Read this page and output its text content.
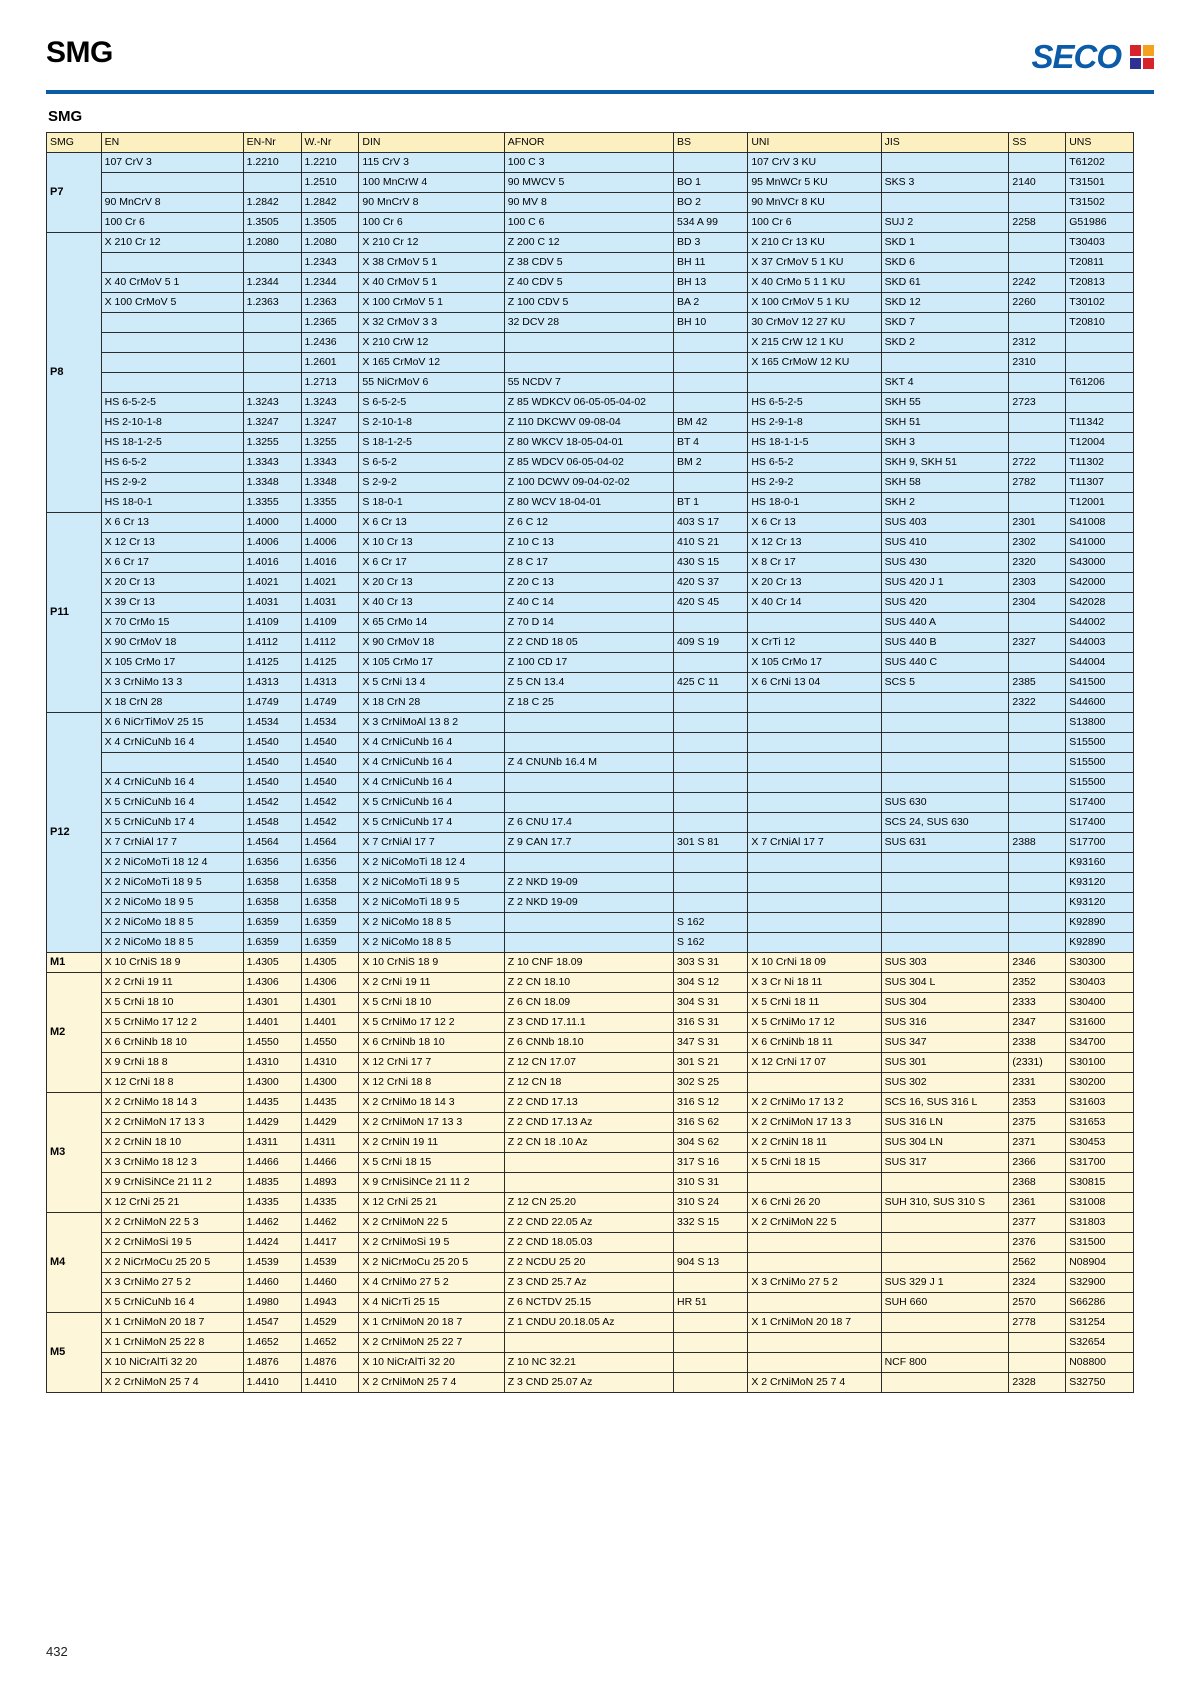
SMG	SECO
SMG
SMG	EN	EN-Nr	W.-Nr	DIN	AFNOR	BS	UNI	JIS	SS	UNS
P7	107 CrV 3	1.2210	1.2210	115 CrV 3	100 C 3		107 CrV 3 KU			T61202
			1.2510	100 MnCrW 4	90 MWCV 5	BO 1	95 MnWCr 5 KU	SKS 3	2140	T31501
	90 MnCrV 8	1.2842	1.2842	90 MnCrV 8	90 MV 8	BO 2	90 MnVCr 8 KU			T31502
	100 Cr 6	1.3505	1.3505	100 Cr 6	100 C 6	534 A 99	100 Cr 6	SUJ 2	2258	G51986
P8	X 210 Cr 12	1.2080	1.2080	X 210 Cr 12	Z 200 C 12	BD 3	X 210 Cr 13 KU	SKD 1		T30403
			1.2343	X 38 CrMoV 5 1	Z 38 CDV 5	BH 11	X 37 CrMoV 5 1 KU	SKD 6		T20811
	X 40 CrMoV 5 1	1.2344	1.2344	X 40 CrMoV 5 1	Z 40 CDV 5	BH 13	X 40 CrMo 5 1 1 KU	SKD 61	2242	T20813
	X 100 CrMoV 5	1.2363	1.2363	X 100 CrMoV 5 1	Z 100 CDV 5	BA 2	X 100 CrMoV 5 1 KU	SKD 12	2260	T30102
			1.2365	X 32 CrMoV 3 3	32 DCV 28	BH 10	30 CrMoV 12 27 KU	SKD 7		T20810
			1.2436	X 210 CrW 12			X 215 CrW 12 1 KU	SKD 2	2312	
			1.2601	X 165 CrMoV 12			X 165 CrMoW 12 KU		2310	
			1.2713	55 NiCrMoV 6	55 NCDV 7			SKT 4		T61206
	HS 6-5-2-5	1.3243	1.3243	S 6-5-2-5	Z 85 WDKCV 06-05-05-04-02		HS 6-5-2-5	SKH 55	2723	
	HS 2-10-1-8	1.3247	1.3247	S 2-10-1-8	Z 110 DKCWV 09-08-04	BM 42	HS 2-9-1-8	SKH 51		T11342
	HS 18-1-2-5	1.3255	1.3255	S 18-1-2-5	Z 80 WKCV 18-05-04-01	BT 4	HS 18-1-1-5	SKH 3		T12004
	HS 6-5-2	1.3343	1.3343	S 6-5-2	Z 85 WDCV 06-05-04-02	BM 2	HS 6-5-2	SKH 9, SKH 51	2722	T11302
	HS 2-9-2	1.3348	1.3348	S 2-9-2	Z 100 DCWV 09-04-02-02		HS 2-9-2	SKH 58	2782	T11307
	HS 18-0-1	1.3355	1.3355	S 18-0-1	Z 80 WCV 18-04-01	BT 1	HS 18-0-1	SKH 2		T12001
P11	X 6 Cr 13	1.4000	1.4000	X 6 Cr 13	Z 6 C 12	403 S 17	X 6 Cr 13	SUS 403	2301	S41008
	X 12 Cr 13	1.4006	1.4006	X 10 Cr 13	Z 10 C 13	410 S 21	X 12 Cr 13	SUS 410	2302	S41000
	X 6 Cr 17	1.4016	1.4016	X 6 Cr 17	Z 8 C 17	430 S 15	X 8 Cr 17	SUS 430	2320	S43000
	X 20 Cr 13	1.4021	1.4021	X 20 Cr 13	Z 20 C 13	420 S 37	X 20 Cr 13	SUS 420 J 1	2303	S42000
	X 39 Cr 13	1.4031	1.4031	X 40 Cr 13	Z 40 C 14	420 S 45	X 40 Cr 14	SUS 420	2304	S42028
	X 70 CrMo 15	1.4109	1.4109	X 65 CrMo 14	Z 70 D 14			SUS 440 A		S44002
	X 90 CrMoV 18	1.4112	1.4112	X 90 CrMoV 18	Z 2 CND 18 05	409 S 19	X CrTi 12	SUS 440 B	2327	S44003
	X 105 CrMo 17	1.4125	1.4125	X 105 CrMo 17	Z 100 CD 17		X 105 CrMo 17	SUS 440 C		S44004
	X 3 CrNiMo 13 3	1.4313	1.4313	X 5 CrNi 13 4	Z 5 CN 13.4	425 C 11	X 6 CrNi 13 04	SCS 5	2385	S41500
	X 18 CrN 28	1.4749	1.4749	X 18 CrN 28	Z 18 C 25				2322	S44600
P12	X 6 NiCrTiMoV 25 15	1.4534	1.4534	X 3 CrNiMoAl 13 8 2						S13800
	X 4 CrNiCuNb 16 4	1.4540	1.4540	X 4 CrNiCuNb 16 4						S15500
		1.4540	1.4540	X 4 CrNiCuNb 16 4	Z 4 CNUNb 16.4 M					S15500
	X 4 CrNiCuNb 16 4	1.4540	1.4540	X 4 CrNiCuNb 16 4						S15500
	X 5 CrNiCuNb 16 4	1.4542	1.4542	X 5 CrNiCuNb 16 4				SUS 630		S17400
	X 5 CrNiCuNb 17 4	1.4548	1.4542	X 5 CrNiCuNb 17 4	Z 6 CNU 17.4			SCS 24, SUS 630		S17400
	X 7 CrNiAl 17 7	1.4564	1.4564	X 7 CrNiAl 17 7	Z 9 CAN 17.7	301 S 81	X 7 CrNiAl 17 7	SUS 631	2388	S17700
	X 2 NiCoMoTi 18 12 4	1.6356	1.6356	X 2 NiCoMoTi 18 12 4						K93160
	X 2 NiCoMoTi 18 9 5	1.6358	1.6358	X 2 NiCoMoTi 18 9 5	Z 2 NKD 19-09					K93120
	X 2 NiCoMo 18 9 5	1.6358	1.6358	X 2 NiCoMoTi 18 9 5	Z 2 NKD 19-09					K93120
	X 2 NiCoMo 18 8 5	1.6359	1.6359	X 2 NiCoMo 18 8 5		S 162				K92890
	X 2 NiCoMo 18 8 5	1.6359	1.6359	X 2 NiCoMo 18 8 5		S 162				K92890
M1	X 10 CrNiS 18 9	1.4305	1.4305	X 10 CrNiS 18 9	Z 10 CNF 18.09	303 S 31	X 10 CrNi 18 09	SUS 303	2346	S30300
M2	X 2 CrNi 19 11	1.4306	1.4306	X 2 CrNi 19 11	Z 2 CN 18.10	304 S 12	X 3 Cr Ni 18 11	SUS 304 L	2352	S30403
	X 5 CrNi 18 10	1.4301	1.4301	X 5 CrNi 18 10	Z 6 CN 18.09	304 S 31	X 5 CrNi 18 11	SUS 304	2333	S30400
	X 5 CrNiMo 17 12 2	1.4401	1.4401	X 5 CrNiMo 17 12 2	Z 3 CND 17.11.1	316 S 31	X 5 CrNiMo 17 12	SUS 316	2347	S31600
	X 6 CrNiNb 18 10	1.4550	1.4550	X 6 CrNiNb 18 10	Z 6 CNNb 18.10	347 S 31	X 6 CrNiNb 18 11	SUS 347	2338	S34700
	X 9 CrNi 18 8	1.4310	1.4310	X 12 CrNi 17 7	Z 12 CN 17.07	301 S 21	X 12 CrNi 17 07	SUS 301	(2331)	S30100
	X 12 CrNi 18 8	1.4300	1.4300	X 12 CrNi 18 8	Z 12 CN 18	302 S 25		SUS 302	2331	S30200
M3	X 2 CrNiMo 18 14 3	1.4435	1.4435	X 2 CrNiMo 18 14 3	Z 2 CND 17.13	316 S 12	X 2 CrNiMo 17 13 2	SCS 16, SUS 316 L	2353	S31603
	X 2 CrNiMoN 17 13 3	1.4429	1.4429	X 2 CrNiMoN 17 13 3	Z 2 CND 17.13 Az	316 S 62	X 2 CrNiMoN 17 13 3	SUS 316 LN	2375	S31653
	X 2 CrNiN 18 10	1.4311	1.4311	X 2 CrNiN 19 11	Z 2 CN 18 .10 Az	304 S 62	X 2 CrNiN 18 11	SUS 304 LN	2371	S30453
	X 3 CrNiMo 18 12 3	1.4466	1.4466	X 5 CrNi 18 15		317 S 16	X 5 CrNi 18 15	SUS 317	2366	S31700
	X 9 CrNiSiNCe 21 11 2	1.4835	1.4893	X 9 CrNiSiNCe 21 11 2		310 S 31			2368	S30815
	X 12 CrNi 25 21	1.4335	1.4335	X 12 CrNi 25 21	Z 12 CN 25.20	310 S 24	X 6 CrNi 26 20	SUH 310, SUS 310 S	2361	S31008
M4	X 2 CrNiMoN 22 5 3	1.4462	1.4462	X 2 CrNiMoN 22 5	Z 2 CND 22.05 Az	332 S 15	X 2 CrNiMoN 22 5		2377	S31803
	X 2 CrNiMoSi 19 5	1.4424	1.4417	X 2 CrNiMoSi 19 5	Z 2 CND 18.05.03				2376	S31500
	X 2 NiCrMoCu 25 20 5	1.4539	1.4539	X 2 NiCrMoCu 25 20 5	Z 2 NCDU 25 20	904 S 13			2562	N08904
	X 3 CrNiMo 27 5 2	1.4460	1.4460	X 4 CrNiMo 27 5 2	Z 3 CND 25.7 Az		X 3 CrNiMo 27 5 2	SUS 329 J 1	2324	S32900
	X 5 CrNiCuNb 16 4	1.4980	1.4943	X 4 NiCrTi 25 15	Z 6 NCTDV 25.15	HR 51		SUH 660	2570	S66286
M5	X 1 CrNiMoN 20 18 7	1.4547	1.4529	X 1 CrNiMoN 20 18 7	Z 1 CNDU 20.18.05 Az		X 1 CrNiMoN 20 18 7		2778	S31254
	X 1 CrNiMoN 25 22 8	1.4652	1.4652	X 2 CrNiMoN 25 22 7						S32654
	X 10 NiCrAlTi 32 20	1.4876	1.4876	X 10 NiCrAlTi 32 20	Z 10 NC 32.21			NCF 800		N08800
	X 2 CrNiMoN 25 7 4	1.4410	1.4410	X 2 CrNiMoN 25 7 4	Z 3 CND 25.07 Az		X 2 CrNiMoN 25 7 4		2328	S32750
432
